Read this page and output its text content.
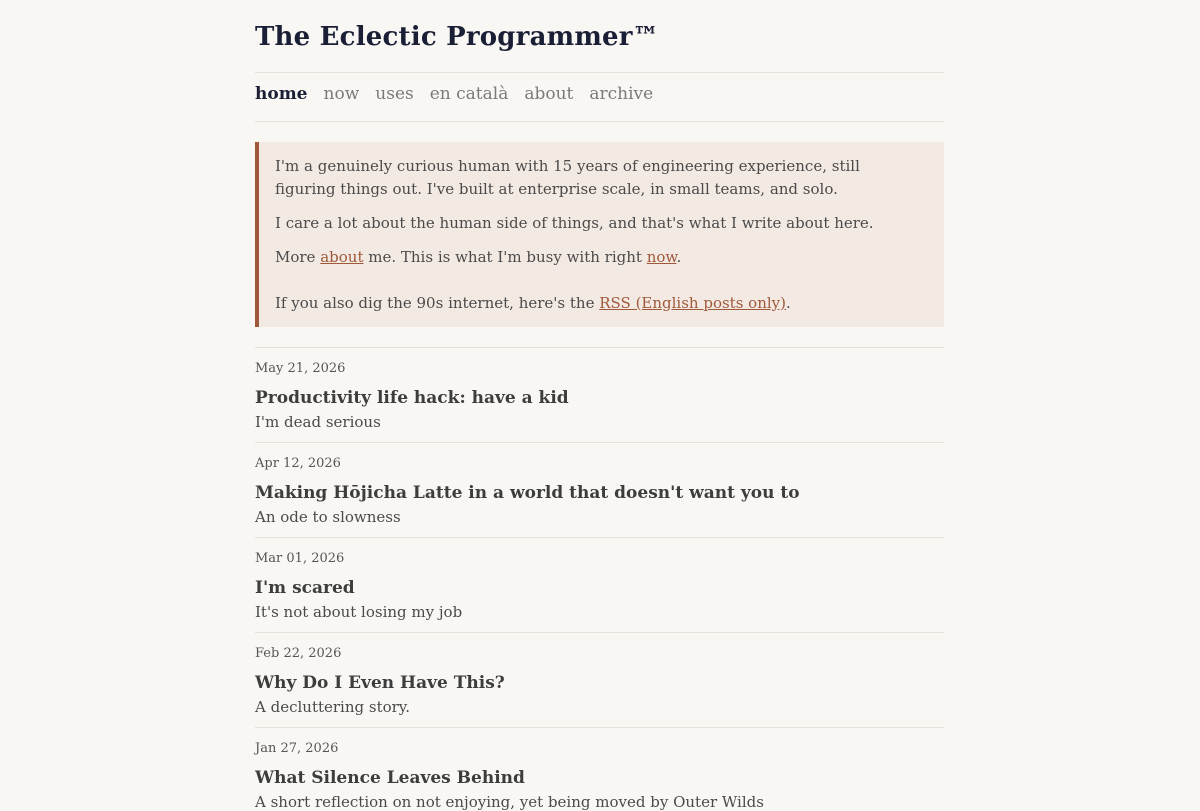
The Eclectic Programmer™
home now uses en català about archive

I'm a genuinely curious human with 15 years of engineering experience, still figuring things out. I've built at enterprise scale, in small teams, and solo.

I care a lot about the human side of things, and that's what I write about here.

More about me. This is what I'm busy with right now.

If you also dig the 90s internet, here's the RSS (English posts only).

May 21, 2026
Productivity life hack: have a kid
I'm dead serious
Apr 12, 2026
Making Hōjicha Latte in a world that doesn't want you to
An ode to slowness
Mar 01, 2026
I'm scared
It's not about losing my job
Feb 22, 2026
Why Do I Even Have This?
A decluttering story.
Jan 27, 2026
What Silence Leaves Behind
A short reflection on not enjoying, yet being moved by Outer Wilds
